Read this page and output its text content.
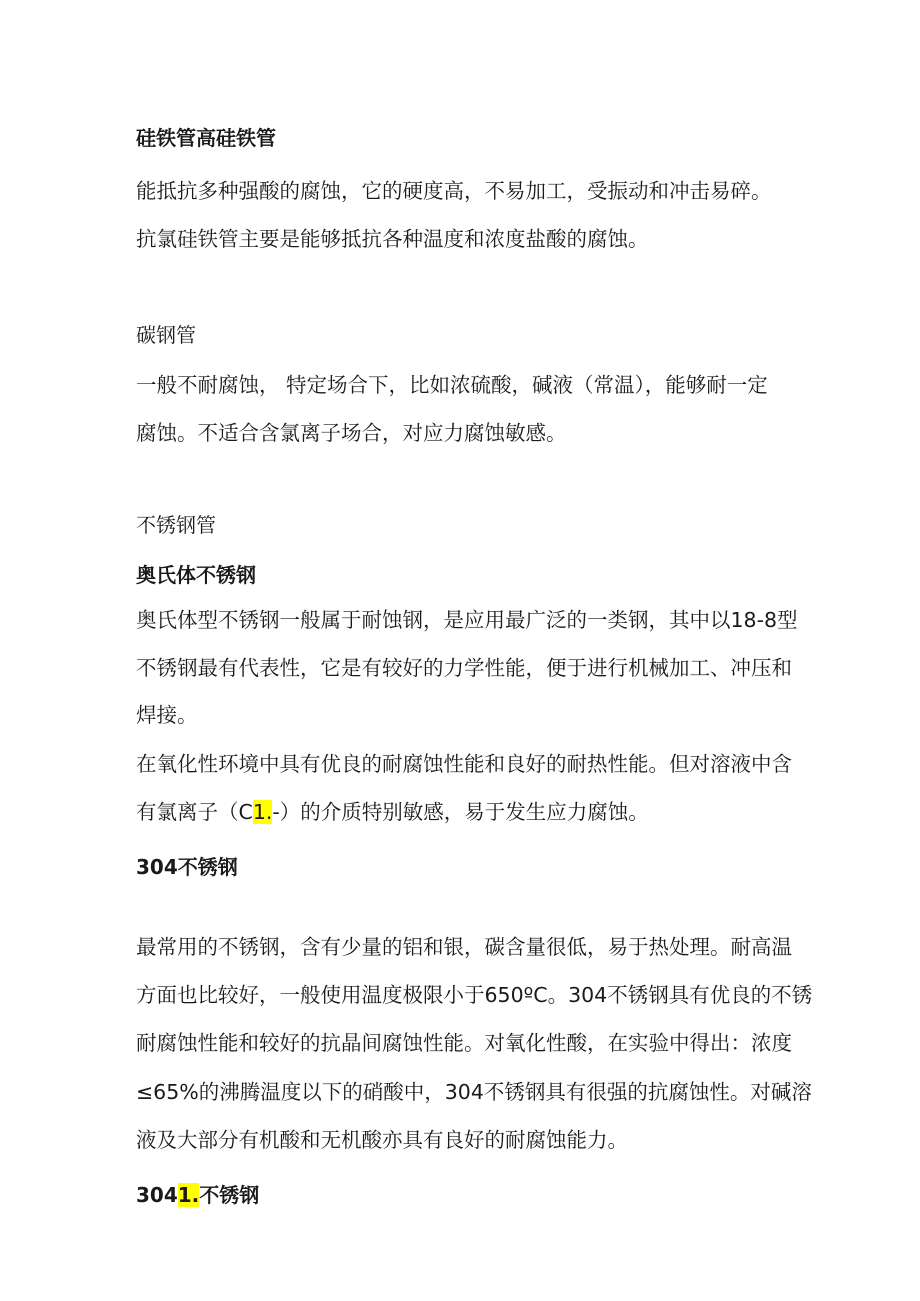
硅铁管高硅铁管
能抵抗多种强酸的腐蚀，它的硬度高，不易加工，受振动和冲击易碎。
抗氯硅铁管主要是能够抵抗各种温度和浓度盐酸的腐蚀。
碳钢管
一般不耐腐蚀， 特定场合下，比如浓硫酸，碱液（常温），能够耐一定
腐蚀。不适合含氯离子场合，对应力腐蚀敏感。
不锈钢管
奥氏体不锈钢
奥氏体型不锈钢一般属于耐蚀钢，是应用最广泛的一类钢，其中以18-8型
不锈钢最有代表性，它是有较好的力学性能，便于进行机械加工、冲压和
焊接。
在氧化性环境中具有优良的耐腐蚀性能和良好的耐热性能。但对溶液中含
有氯离子（C1.-）的介质特别敏感，易于发生应力腐蚀。
304不锈钢
最常用的不锈钢，含有少量的铝和银，碳含量很低，易于热处理。耐高温
方面也比较好，一般使用温度极限小于650ºC。304不锈钢具有优良的不锈
耐腐蚀性能和较好的抗晶间腐蚀性能。对氧化性酸，在实验中得出：浓度
≤65%的沸腾温度以下的硝酸中，304不锈钢具有很强的抗腐蚀性。对碱溶
液及大部分有机酸和无机酸亦具有良好的耐腐蚀能力。
3041.不锈钢
